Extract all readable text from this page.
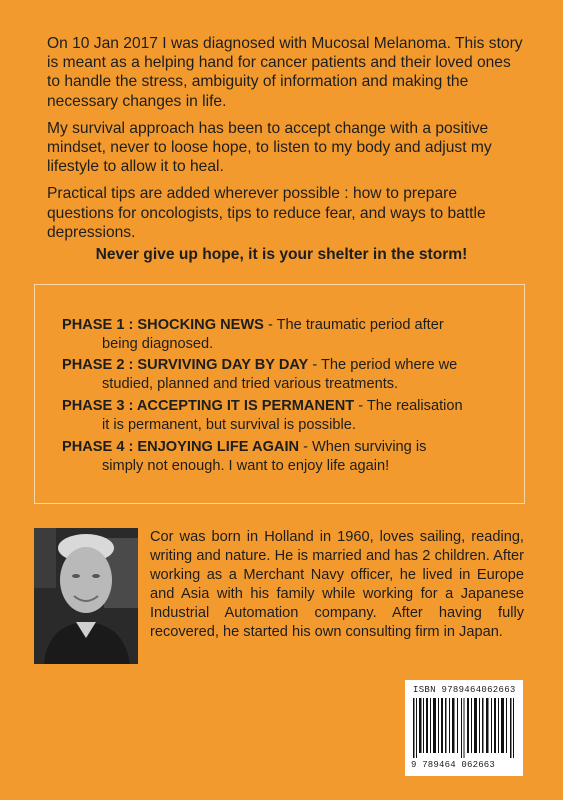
On 10 Jan 2017 I was diagnosed with Mucosal Melanoma. This story is meant as a helping hand for cancer patients and their loved ones to handle the stress, ambiguity of information and making the necessary changes in life.

My survival approach has been to accept change with a positive mindset, never to loose hope, to listen to my body and adjust my lifestyle to allow it to heal.

Practical tips are added wherever possible : how to prepare questions for oncologists, tips to reduce fear, and ways to battle depressions.

Never give up hope, it is your shelter in the storm!
PHASE 1 : SHOCKING NEWS - The traumatic period after
being diagnosed.
PHASE 2 : SURVIVING DAY BY DAY - The period where we
studied, planned and tried various treatments.
PHASE 3 : ACCEPTING IT IS PERMANENT - The realisation
it is permanent, but survival is possible.
PHASE 4 : ENJOYING LIFE AGAIN - When surviving is
simply not enough. I want to enjoy life again!
Cor was born in Holland in 1960, loves sailing, reading, writing and nature. He is married and has 2 children. After working as a Merchant Navy officer, he lived in Europe and Asia with his family while working for a Japanese Industrial Automation company. After having fully recovered, he started his own consulting firm in Japan.
ISBN 9789464062663
9 789464 062663
